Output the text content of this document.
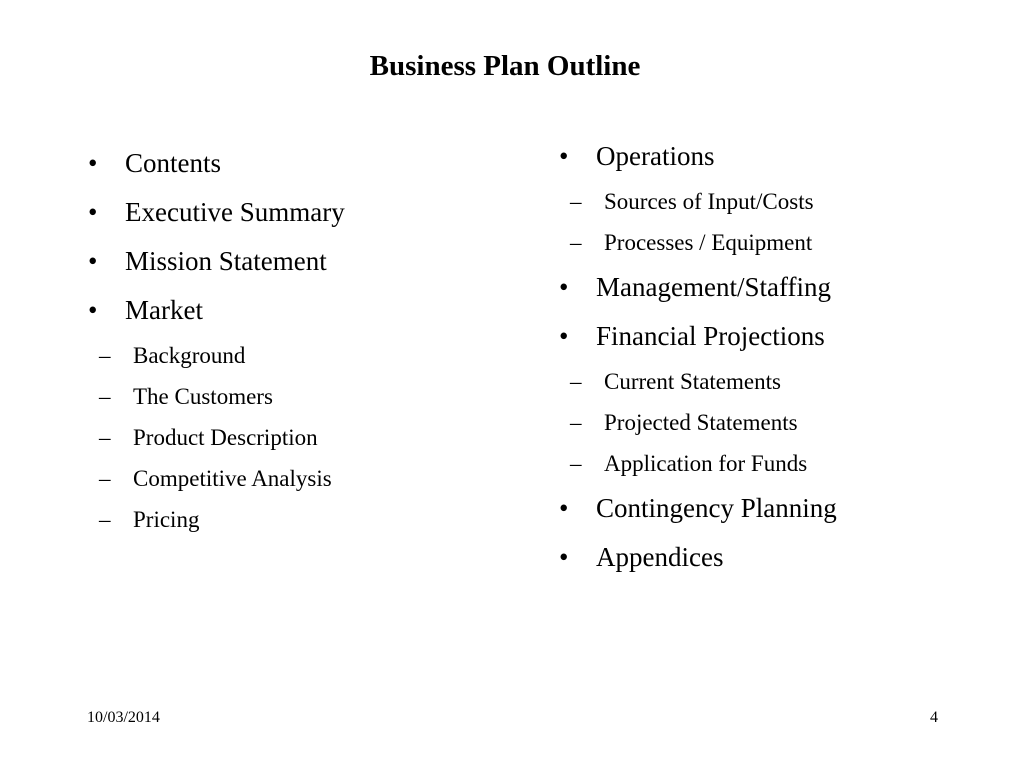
Business Plan Outline
•	Contents
•	Executive Summary
•	Mission Statement
•	Market
– Background
– The Customers
– Product Description
– Competitive Analysis
– Pricing
•	Operations
– Sources of Input/Costs
– Processes / Equipment
•	Management/Staffing
•	Financial Projections
– Current Statements
– Projected Statements
– Application for Funds
•	Contingency Planning
•	Appendices
10/03/2014	4
